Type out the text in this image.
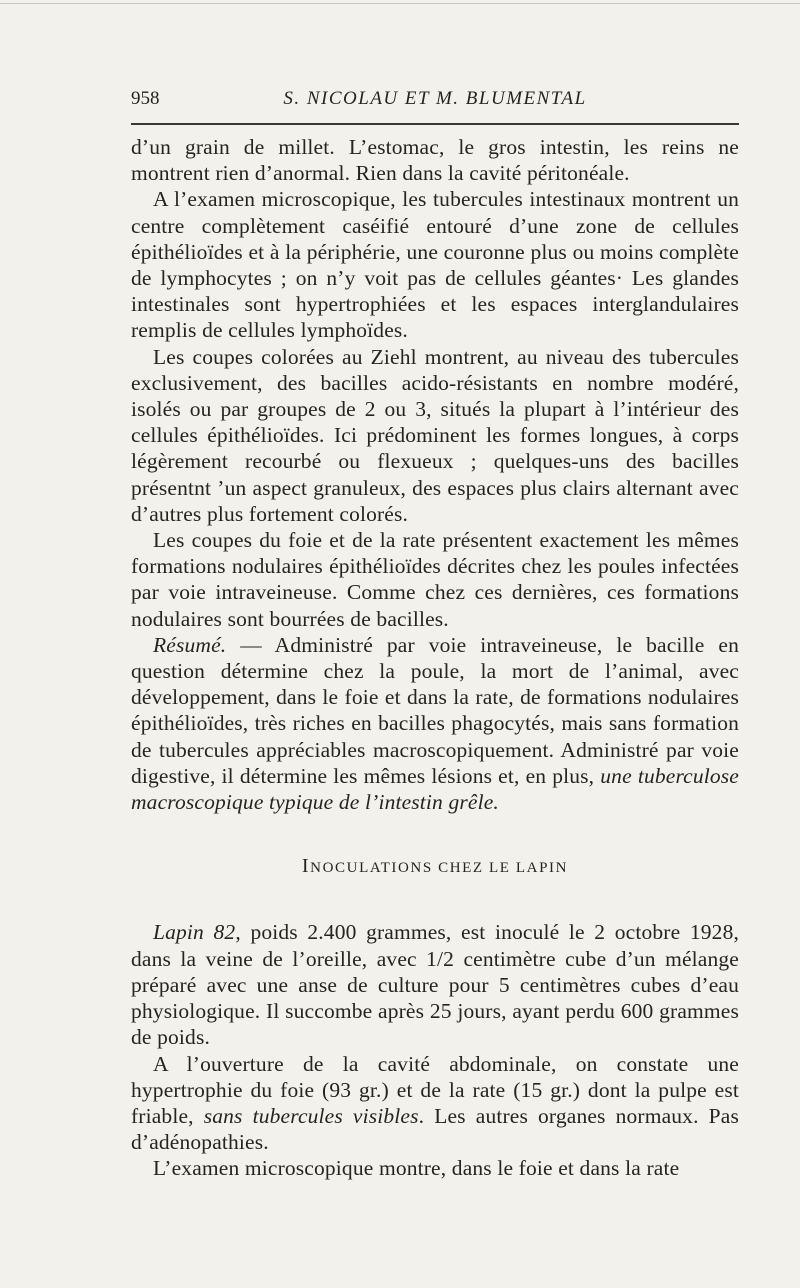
958	S. NICOLAU ET M. BLUMENTAL

d’un grain de millet. L’estomac, le gros intestin, les reins ne montrent rien d’anormal. Rien dans la cavité péritonéale.

A l’examen microscopique, les tubercules intestinaux montrent un centre complètement caséifié entouré d’une zone de cellules épithélioïdes et à la périphérie, une couronne plus ou moins complète de lymphocytes ; on n’y voit pas de cellules géantes· Les glandes intestinales sont hypertrophiées et les espaces interglandulaires remplis de cellules lymphoïdes.

Les coupes colorées au Ziehl montrent, au niveau des tubercules exclusivement, des bacilles acido-résistants en nombre modéré, isolés ou par groupes de 2 ou 3, situés la plupart à l’intérieur des cellules épithélioïdes. Ici prédominent les formes longues, à corps légèrement recourbé ou flexueux ; quelques-uns des bacilles présentnt ’un aspect granuleux, des espaces plus clairs alternant avec d’autres plus fortement colorés.

Les coupes du foie et de la rate présentent exactement les mêmes formations nodulaires épithélioïdes décrites chez les poules infectées par voie intraveineuse. Comme chez ces dernières, ces formations nodulaires sont bourrées de bacilles.

Résumé. — Administré par voie intraveineuse, le bacille en question détermine chez la poule, la mort de l’animal, avec développement, dans le foie et dans la rate, de formations nodulaires épithélioïdes, très riches en bacilles phagocytés, mais sans formation de tubercules appréciables macroscopiquement. Administré par voie digestive, il détermine les mêmes lésions et, en plus, une tuberculose macroscopique typique de l’intestin grêle.

INOCULATIONS CHEZ LE LAPIN

Lapin 82, poids 2.400 grammes, est inoculé le 2 octobre 1928, dans la veine de l’oreille, avec 1/2 centimètre cube d’un mélange préparé avec une anse de culture pour 5 centimètres cubes d’eau physiologique. Il succombe après 25 jours, ayant perdu 600 grammes de poids.

A l’ouverture de la cavité abdominale, on constate une hypertrophie du foie (93 gr.) et de la rate (15 gr.) dont la pulpe est friable, sans tubercules visibles. Les autres organes normaux. Pas d’adénopathies.

L’examen microscopique montre, dans le foie et dans la rate
